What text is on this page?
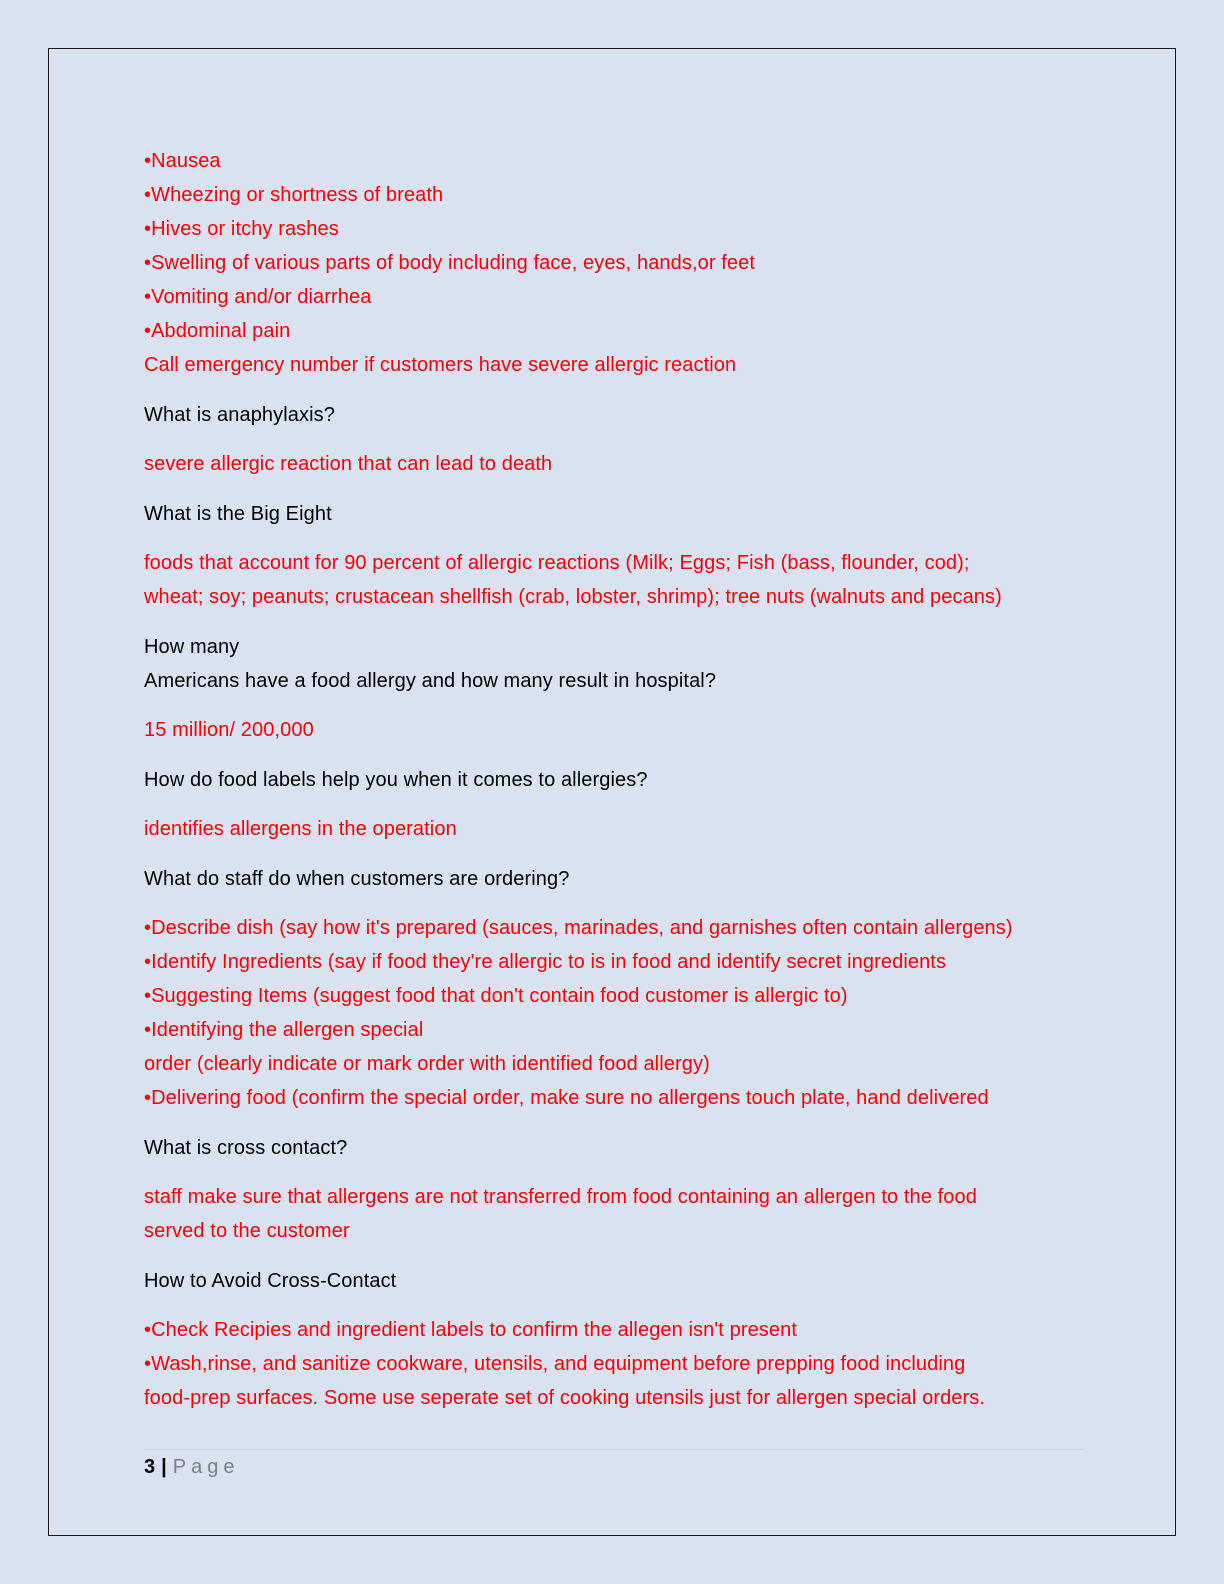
•Nausea
•Wheezing or shortness of breath
•Hives or itchy rashes
•Swelling of various parts of body including face, eyes, hands,or feet
•Vomiting and/or diarrhea
•Abdominal pain
Call emergency number if customers have severe allergic reaction
What is anaphylaxis?
severe allergic reaction that can lead to death
What is the Big Eight
foods that account for 90 percent of allergic reactions (Milk; Eggs; Fish (bass, flounder, cod);
wheat; soy; peanuts; crustacean shellfish (crab, lobster, shrimp); tree nuts (walnuts and pecans)
How many
Americans have a food allergy and how many result in hospital?
15 million/ 200,000
How do food labels help you when it comes to allergies?
identifies allergens in the operation
What do staff do when customers are ordering?
•Describe dish (say how it's prepared (sauces, marinades, and garnishes often contain allergens)
•Identify Ingredients (say if food they're allergic to is in food and identify secret ingredients
•Suggesting Items (suggest food that don't contain food customer is allergic to)
•Identifying the allergen special
order (clearly indicate or mark order with identified food allergy)
•Delivering food (confirm the special order, make sure no allergens touch plate, hand delivered
What is cross contact?
staff make sure that allergens are not transferred from food containing an allergen to the food
served to the customer
How to Avoid Cross-Contact
•Check Recipies and ingredient labels to confirm the allegen isn't present
•Wash,rinse, and sanitize cookware, utensils, and equipment before prepping food including
food-prep surfaces. Some use seperate set of cooking utensils just for allergen special orders.
3 | Page
